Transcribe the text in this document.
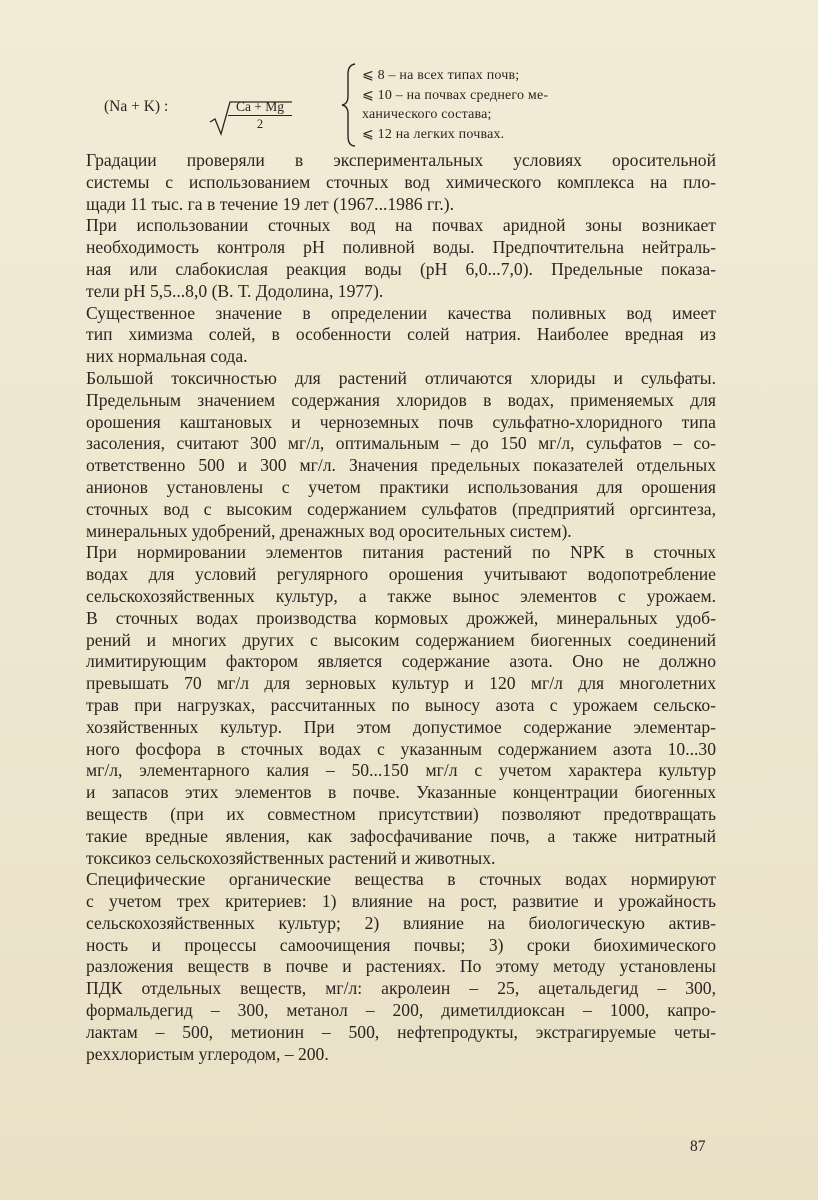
(Na + K) :	$\frac{Ca + Mg}{2}$
⩽ 8 – на всех типах почв;
⩽ 10 – на почвах среднего ме-
ханического состава;
⩽ 12 на легких почвах.

Градации проверяли в экспериментальных условиях оросительной
системы с использованием сточных вод химического комплекса на пло-
щади 11 тыс. га в течение 19 лет (1967...1986 гг.).

При использовании сточных вод на почвах аридной зоны возникает
необходимость контроля pH поливной воды. Предпочтительна нейтраль-
ная или слабокислая реакция воды (pH 6,0...7,0). Предельные показа-
тели pH 5,5...8,0 (В. Т. Додолина, 1977).

Существенное значение в определении качества поливных вод имеет
тип химизма солей, в особенности солей натрия. Наиболее вредная из
них нормальная сода.

Большой токсичностью для растений отличаются хлориды и сульфаты.
Предельным значением содержания хлоридов в водах, применяемых для
орошения каштановых и черноземных почв сульфатно-хлоридного типа
засоления, считают 300 мг/л, оптимальным – до 150 мг/л, сульфатов – со-
ответственно 500 и 300 мг/л. Значения предельных показателей отдельных
анионов установлены с учетом практики использования для орошения
сточных вод с высоким содержанием сульфатов (предприятий оргсинтеза,
минеральных удобрений, дренажных вод оросительных систем).

При нормировании элементов питания растений по NPK в сточных
водах для условий регулярного орошения учитывают водопотребление
сельскохозяйственных культур, а также вынос элементов с урожаем.
В сточных водах производства кормовых дрожжей, минеральных удоб-
рений и многих других с высоким содержанием биогенных соединений
лимитирующим фактором является содержание азота. Оно не должно
превышать 70 мг/л для зерновых культур и 120 мг/л для многолетних
трав при нагрузках, рассчитанных по выносу азота с урожаем сельско-
хозяйственных культур. При этом допустимое содержание элементар-
ного фосфора в сточных водах с указанным содержанием азота 10...30
мг/л, элементарного калия – 50...150 мг/л с учетом характера культур
и запасов этих элементов в почве. Указанные концентрации биогенных
веществ (при их совместном присутствии) позволяют предотвращать
такие вредные явления, как зафосфачивание почв, а также нитратный
токсикоз сельскохозяйственных растений и животных.

Специфические органические вещества в сточных водах нормируют
с учетом трех критериев: 1) влияние на рост, развитие и урожайность
сельскохозяйственных культур; 2) влияние на биологическую актив-
ность и процессы самоочищения почвы; 3) сроки биохимического
разложения веществ в почве и растениях. По этому методу установлены
ПДК отдельных веществ, мг/л: акролеин – 25, ацетальдегид – 300,
формальдегид – 300, метанол – 200, диметилдиоксан – 1000, капро-
лактам – 500, метионин – 500, нефтепродукты, экстрагируемые четы-
реххлористым углеродом, – 200.

87
